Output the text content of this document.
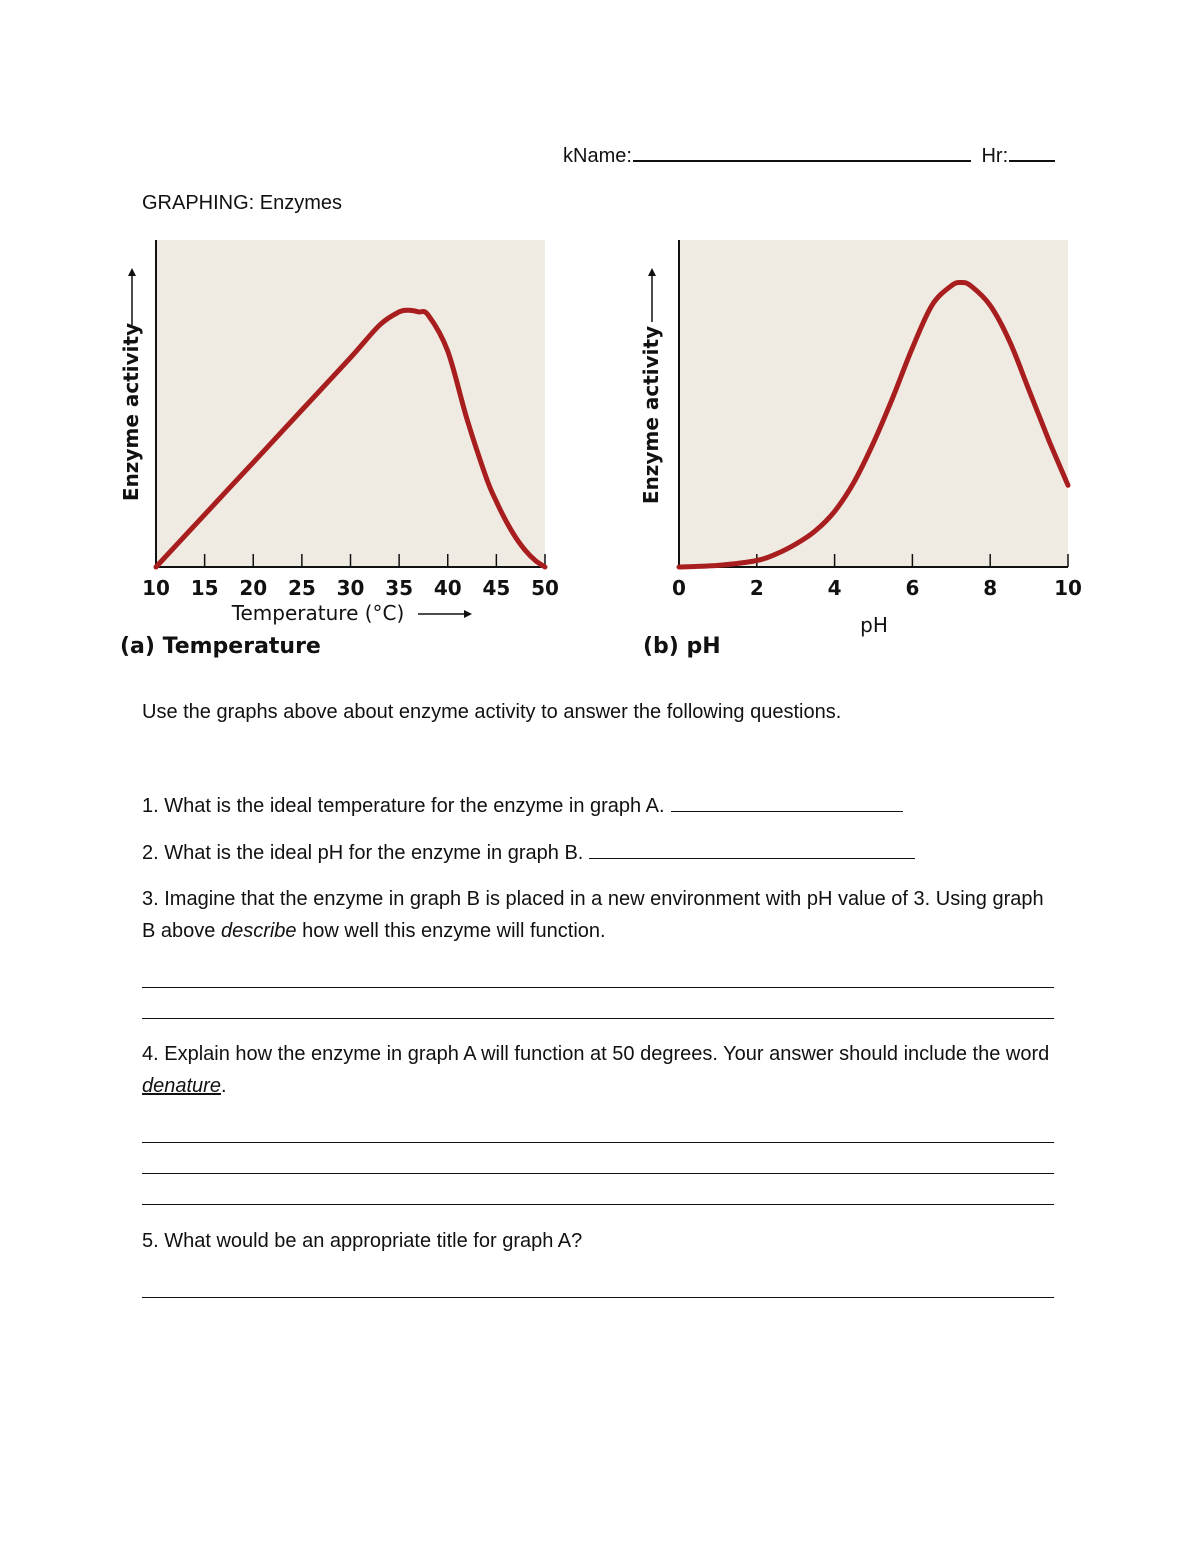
kName:	Hr:
GRAPHING: Enzymes
10 15 20 25 30 35 40 45 50
Enzyme activity
Temperature (°C)
(a) Temperature
0	2	4	6	8	10
Enzyme activity
pH
(b) pH
Use the graphs above about enzyme activity to answer the following questions.
1. What is the ideal temperature for the enzyme in graph A.
2. What is the ideal pH for the enzyme in graph B.
3. Imagine that the enzyme in graph B is placed in a new environment with pH value of 3. Using graph B above describe how well this enzyme will function.
4. Explain how the enzyme in graph A will function at 50 degrees. Your answer should include the word denature.
5. What would be an appropriate title for graph A?
